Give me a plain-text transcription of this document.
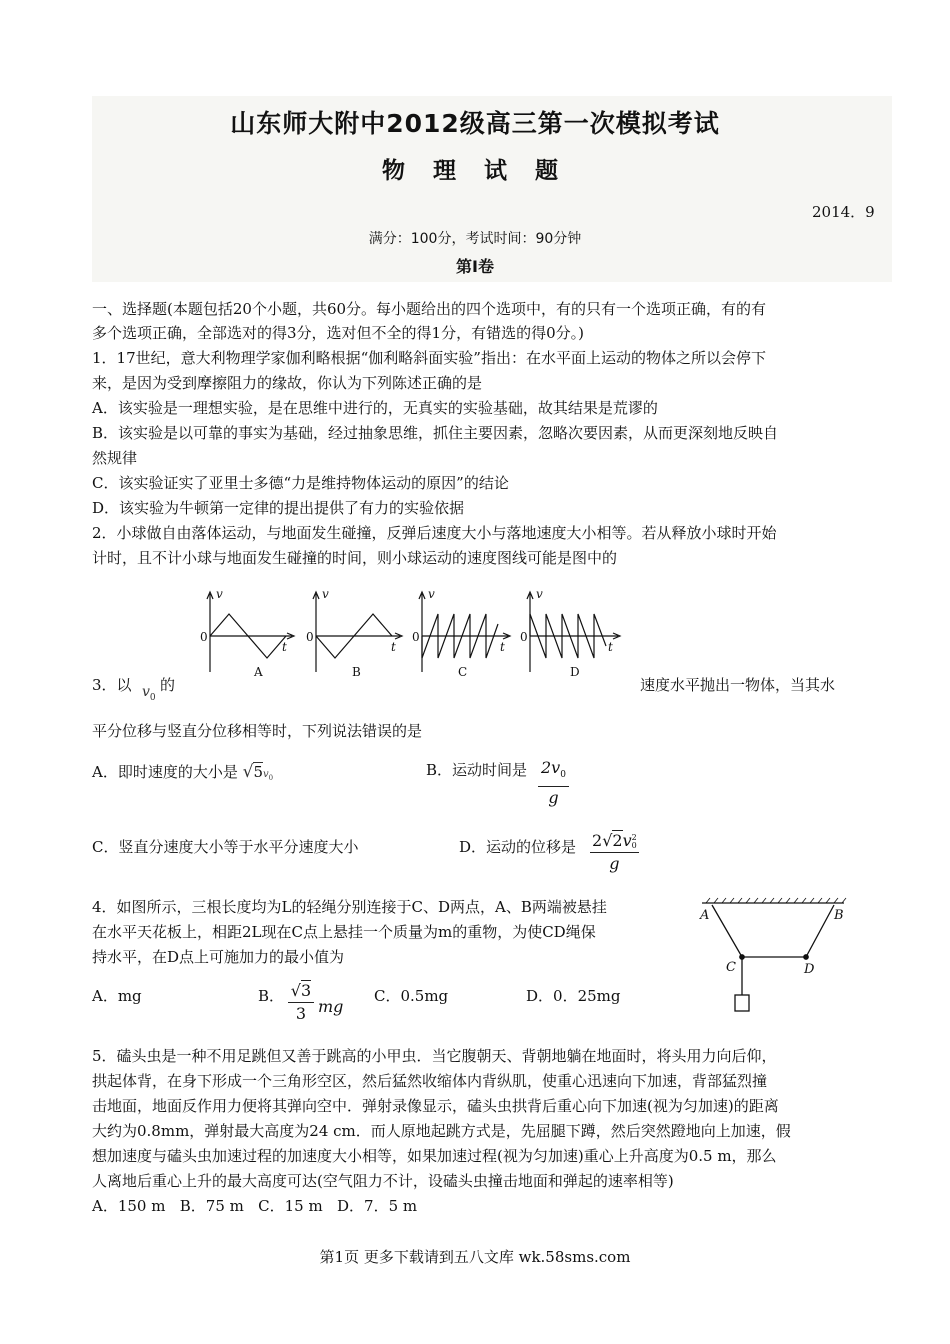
山东师大附中2012级高三第一次模拟考试
物 理 试 题
2014．9
满分：100分，考试时间：90分钟
第Ⅰ卷
一、选择题(本题包括20个小题，共60分。每小题给出的四个选项中，有的只有一个选项正确，有的有
多个选项正确，全部选对的得3分，选对但不全的得1分，有错选的得0分。)
1．17世纪，意大利物理学家伽利略根据“伽利略斜面实验”指出：在水平面上运动的物体之所以会停下
来，是因为受到摩擦阻力的缘故，你认为下列陈述正确的是
A．该实验是一理想实验，是在思维中进行的，无真实的实验基础，故其结果是荒谬的
B．该实验是以可靠的事实为基础，经过抽象思维，抓住主要因素，忽略次要因素，从而更深刻地反映自
然规律
C．该实验证实了亚里士多德“力是维持物体运动的原因”的结论
D．该实验为牛顿第一定律的提出提供了有力的实验依据
2．小球做自由落体运动，与地面发生碰撞，反弹后速度大小与落地速度大小相等。若从释放小球时开始
计时，且不计小球与地面发生碰撞的时间，则小球运动的速度图线可能是图中的
v
0
t
A
v
0
t
B
v
0
t
C
v
0
t
D
3．以 $v_0$
的	速度水平抛出一物体，当其水
平分位移与竖直分位移相等时，下列说法错误的是
A．即时速度的大小是 $√5v_0$	B．运动时间是 $2v_0$
g
C．竖直分速度大小等于水平分速度大小	D．运动的位移是 2√2v 2
0
g
4．如图所示，三根长度均为L的轻绳分别连接于C、D两点，A、B两端被悬挂
在水平天花板上，相距2L现在C点上悬挂一个质量为m的重物，为使CD绳保
持水平，在D点上可施加力的最小值为
A	B
C	D
A．mg	B． √3
3 mg
C．0.5mg	D．0．25mg
5．磕头虫是一种不用足跳但又善于跳高的小甲虫．当它腹朝天、背朝地躺在地面时，将头用力向后仰，
拱起体背，在身下形成一个三角形空区，然后猛然收缩体内背纵肌，使重心迅速向下加速，背部猛烈撞
击地面，地面反作用力便将其弹向空中．弹射录像显示，磕头虫拱背后重心向下加速(视为匀加速)的距离
大约为0.8mm，弹射最大高度为24 cm．而人原地起跳方式是，先屈腿下蹲，然后突然蹬地向上加速，假
想加速度与磕头虫加速过程的加速度大小相等，如果加速过程(视为匀加速)重心上升高度为0.5 m，那么
人离地后重心上升的最大高度可达(空气阻力不计，设磕头虫撞击地面和弹起的速率相等)
A．150 m   B．75 m   C．15 m   D．7．5 m
第1页 更多下载请到五八文库 wk.58sms.com
